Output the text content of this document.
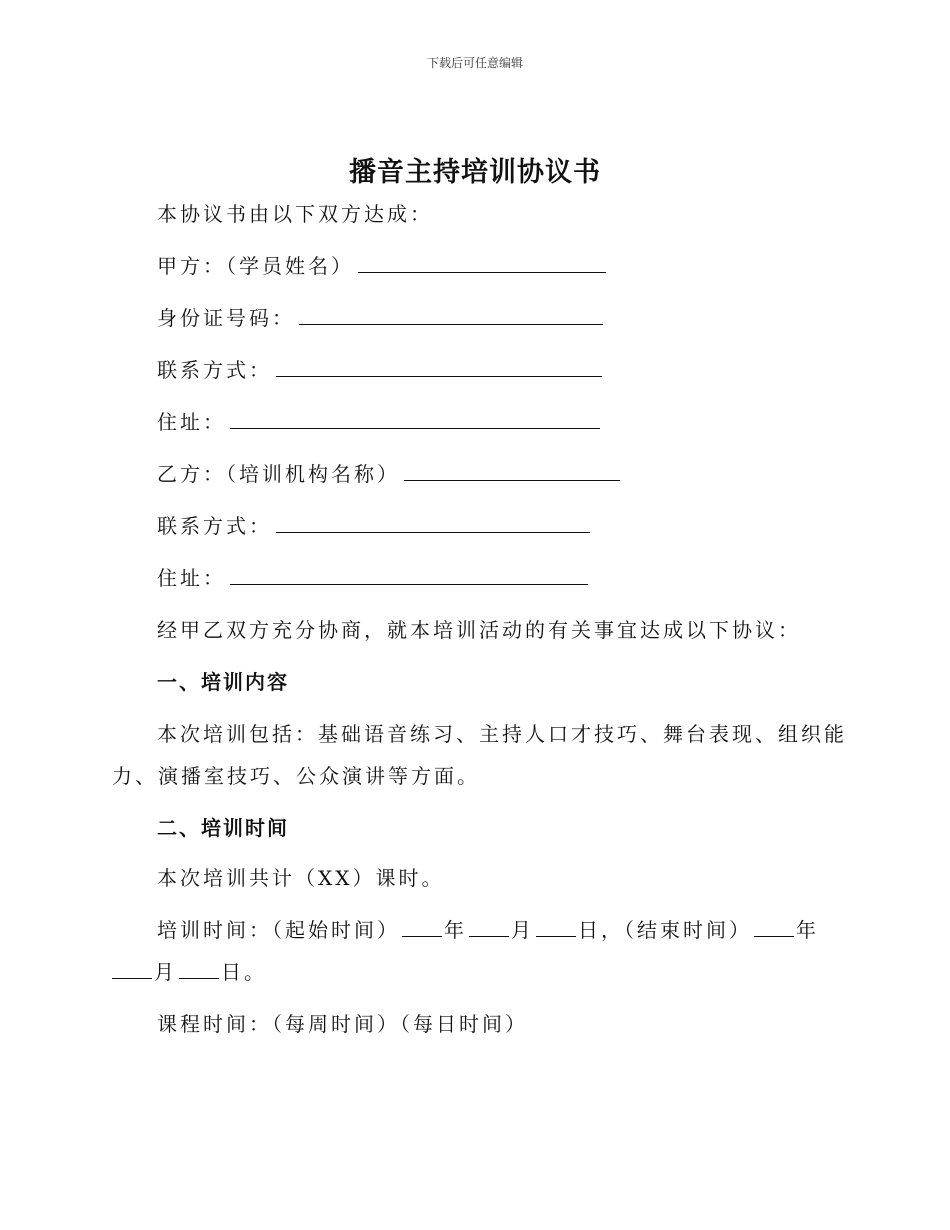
下载后可任意编辑
播音主持培训协议书
本协议书由以下双方达成：
甲方：（学员姓名）
身份证号码：
联系方式：
住址：
乙方：（培训机构名称）
联系方式：
住址：
经甲乙双方充分协商，就本培训活动的有关事宜达成以下协议：
一、培训内容
本次培训包括：基础语音练习、主持人口才技巧、舞台表现、组织能
力、演播室技巧、公众演讲等方面。
二、培训时间
本次培训共计（XX）课时。
培训时间：（起始时间） 年 月 日，（结束时间） 年
月 日。
课程时间：（每周时间）（每日时间）
